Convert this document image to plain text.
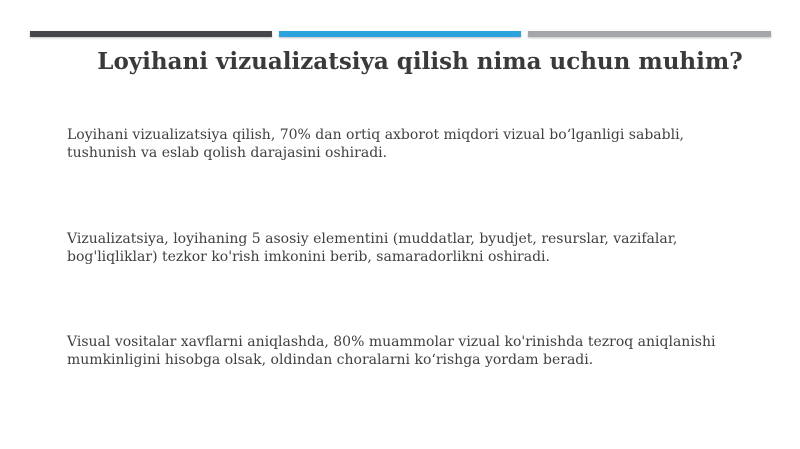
Loyihani vizualizatsiya qilish nima uchun muhim?

Loyihani vizualizatsiya qilish, 70% dan ortiq axborot miqdori vizual bo‘lganligi sababli, tushunish va eslab qolish darajasini oshiradi.

Vizualizatsiya, loyihaning 5 asosiy elementini (muddatlar, byudjet, resurslar, vazifalar, bog'liqliklar) tezkor ko'rish imkonini berib, samaradorlikni oshiradi.

Visual vositalar xavflarni aniqlashda, 80% muammolar vizual ko'rinishda tezroq aniqlanishi mumkinligini hisobga olsak, oldindan choralarni ko‘rishga yordam beradi.
